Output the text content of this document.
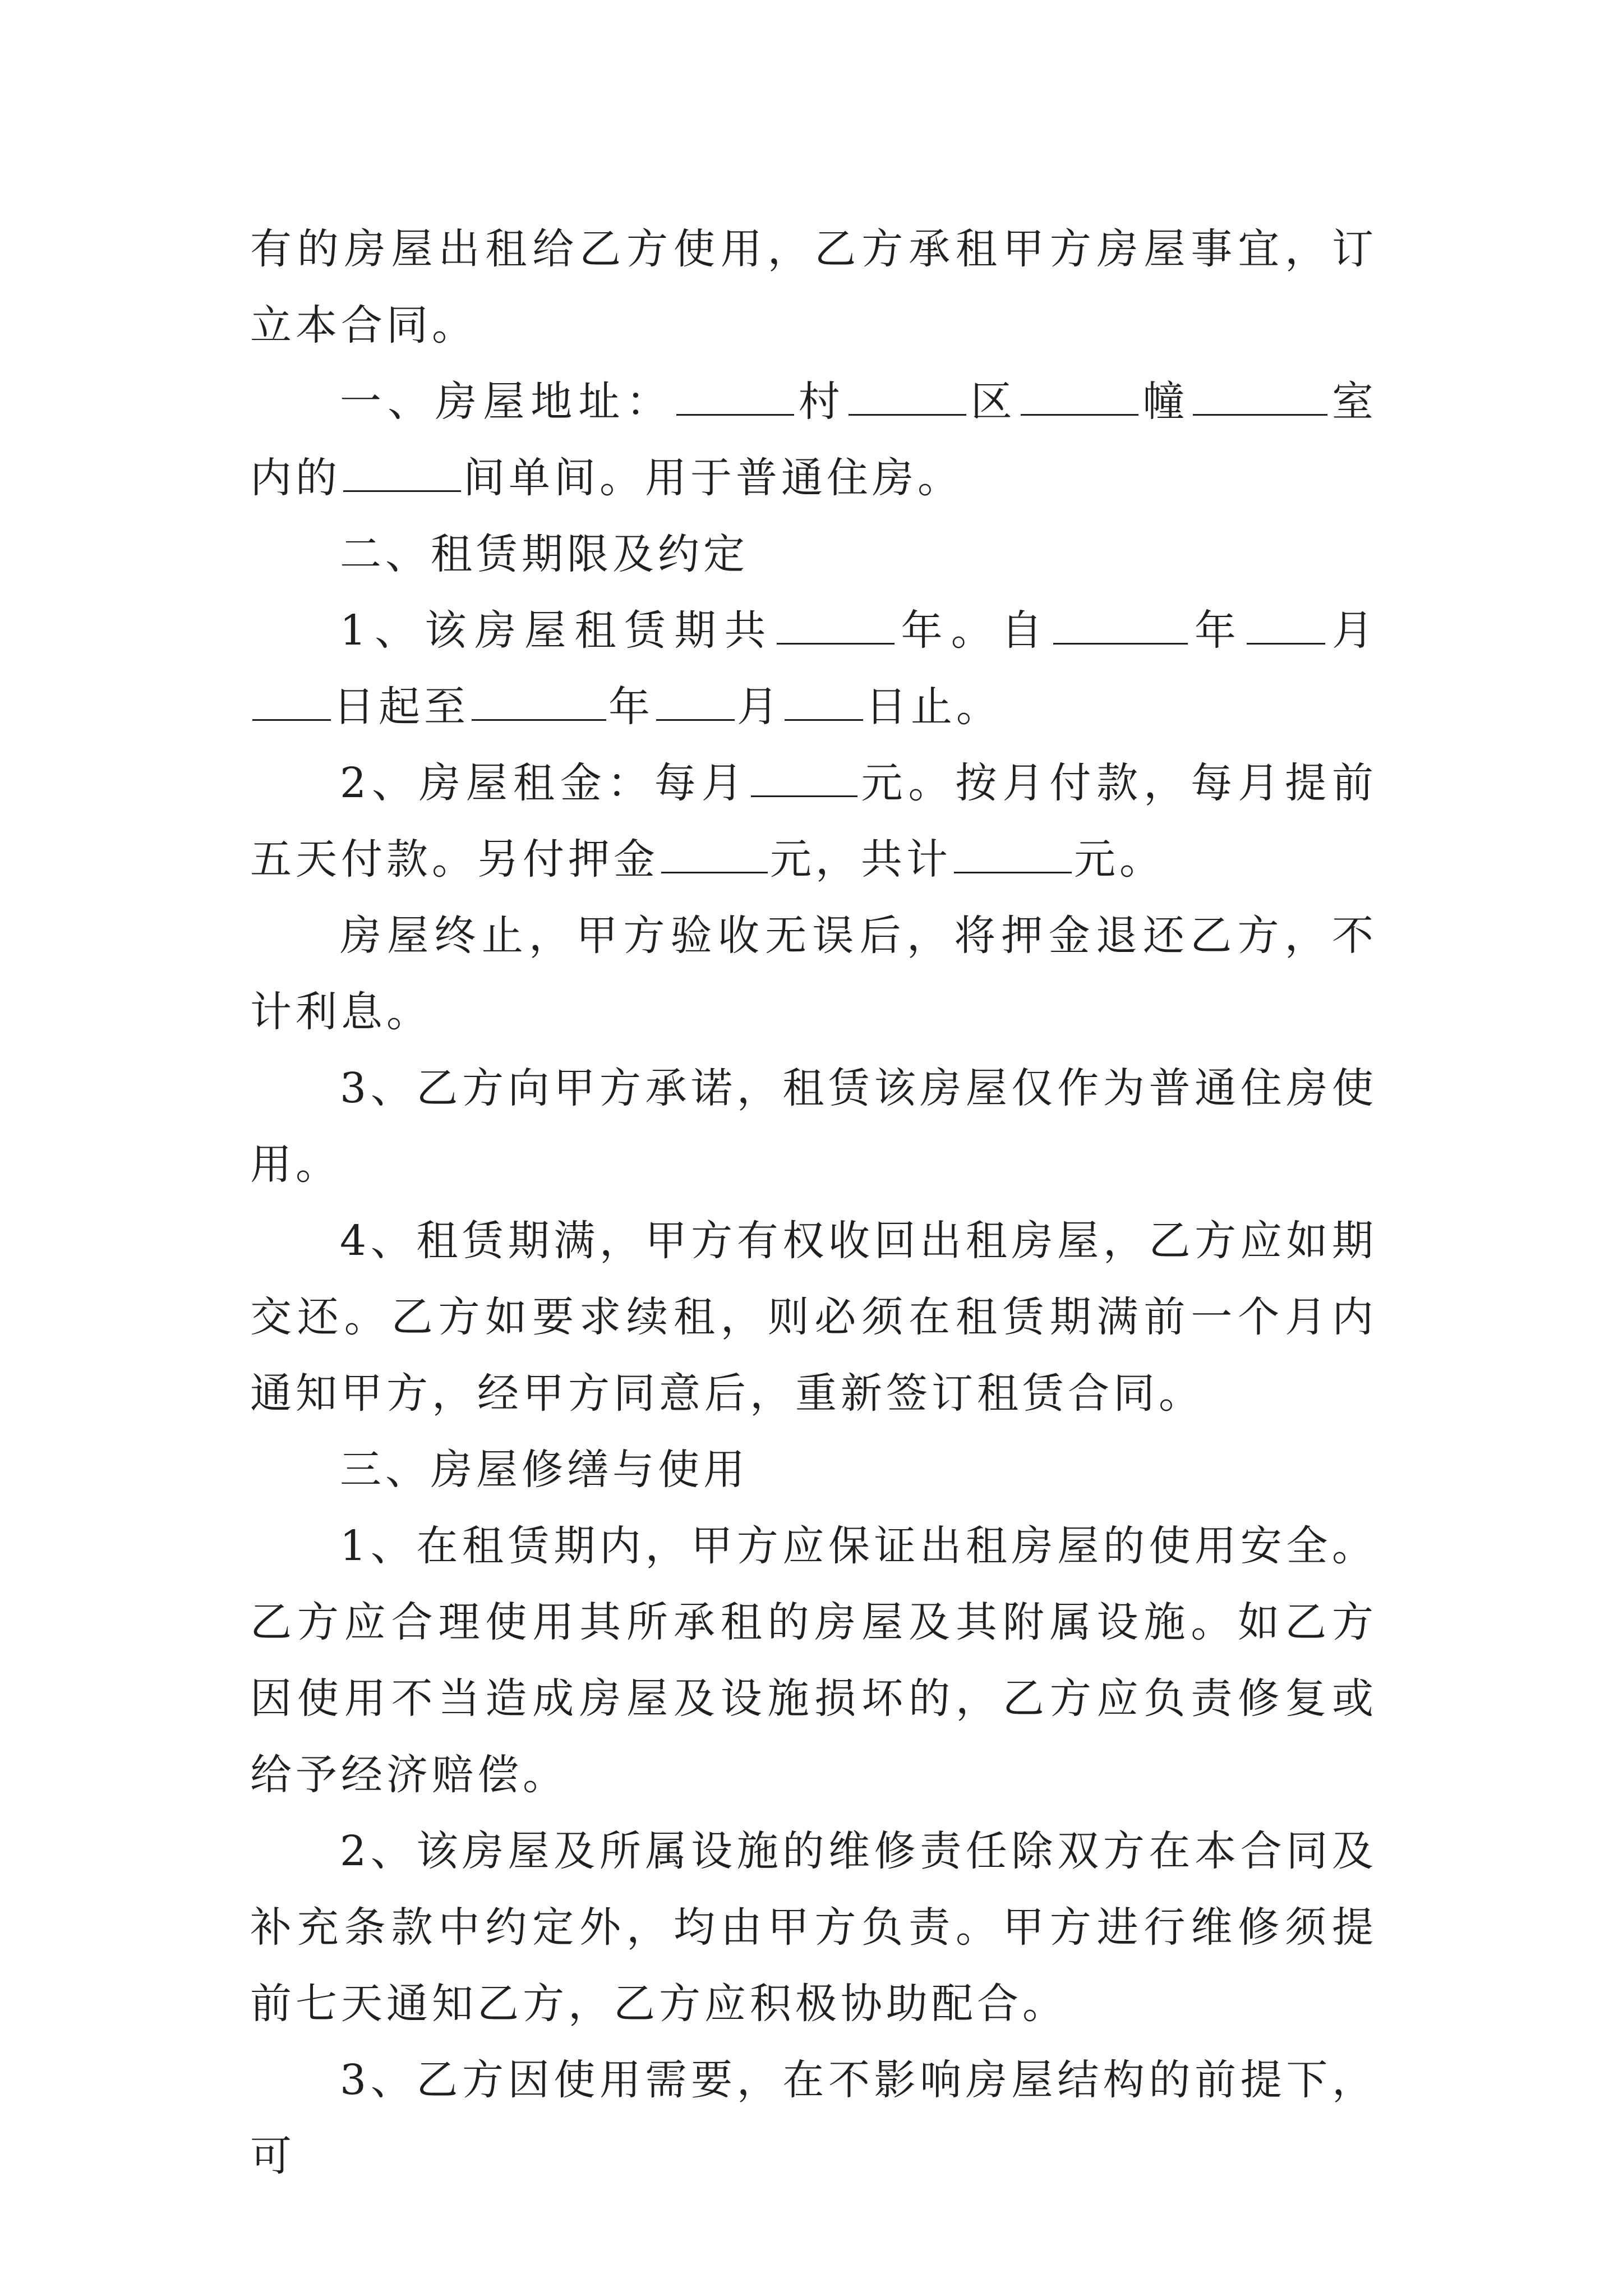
有的房屋出租给乙方使用，乙方承租甲方房屋事宜，订立本合同。

一、房屋地址：	村	区	幢	室内的	间单间。用于普通住房。

二、租赁期限及约定

1、该房屋租赁期共	年。自	年 月日起至	年 月 日止。

2、房屋租金：每月	元。按月付款，每月提前五天付款。另付押金	元，共计	元。

房屋终止，甲方验收无误后，将押金退还乙方，不计利息。

3、乙方向甲方承诺，租赁该房屋仅作为普通住房使用。

4、租赁期满，甲方有权收回出租房屋，乙方应如期交还。乙方如要求续租，则必须在租赁期满前一个月内通知甲方，经甲方同意后，重新签订租赁合同。

三、房屋修缮与使用

1、在租赁期内，甲方应保证出租房屋的使用安全。乙方应合理使用其所承租的房屋及其附属设施。如乙方因使用不当造成房屋及设施损坏的，乙方应负责修复或给予经济赔偿。

2、该房屋及所属设施的维修责任除双方在本合同及补充条款中约定外，均由甲方负责。甲方进行维修须提前七天通知乙方，乙方应积极协助配合。

3、乙方因使用需要，在不影响房屋结构的前提下，可
